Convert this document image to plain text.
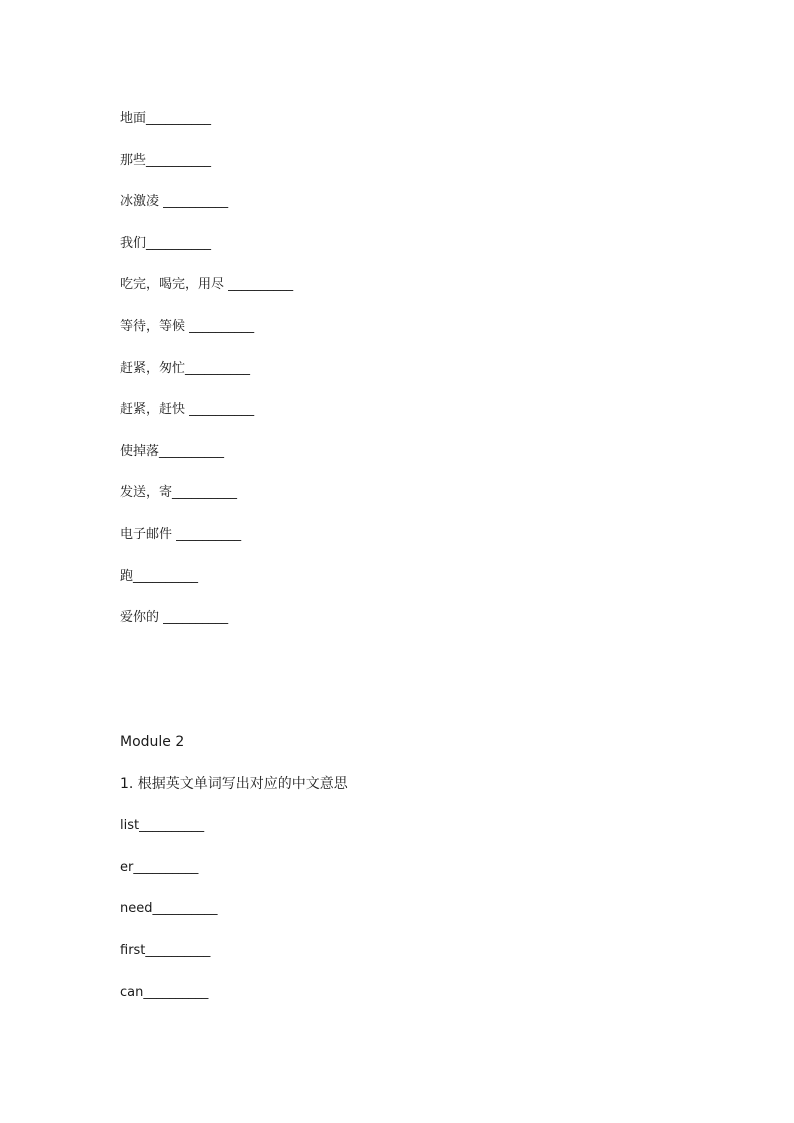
地面__________

那些__________

冰激凌 __________

我们__________

吃完，喝完，用尽 __________

等待，等候 __________

赶紧，匆忙__________

赶紧，赶快 __________

使掉落__________

发送，寄__________

电子邮件 __________

跑__________

爱你的 __________

Module 2

1. 根据英文单词写出对应的中文意思

list__________

er__________

need__________

first__________

can__________
